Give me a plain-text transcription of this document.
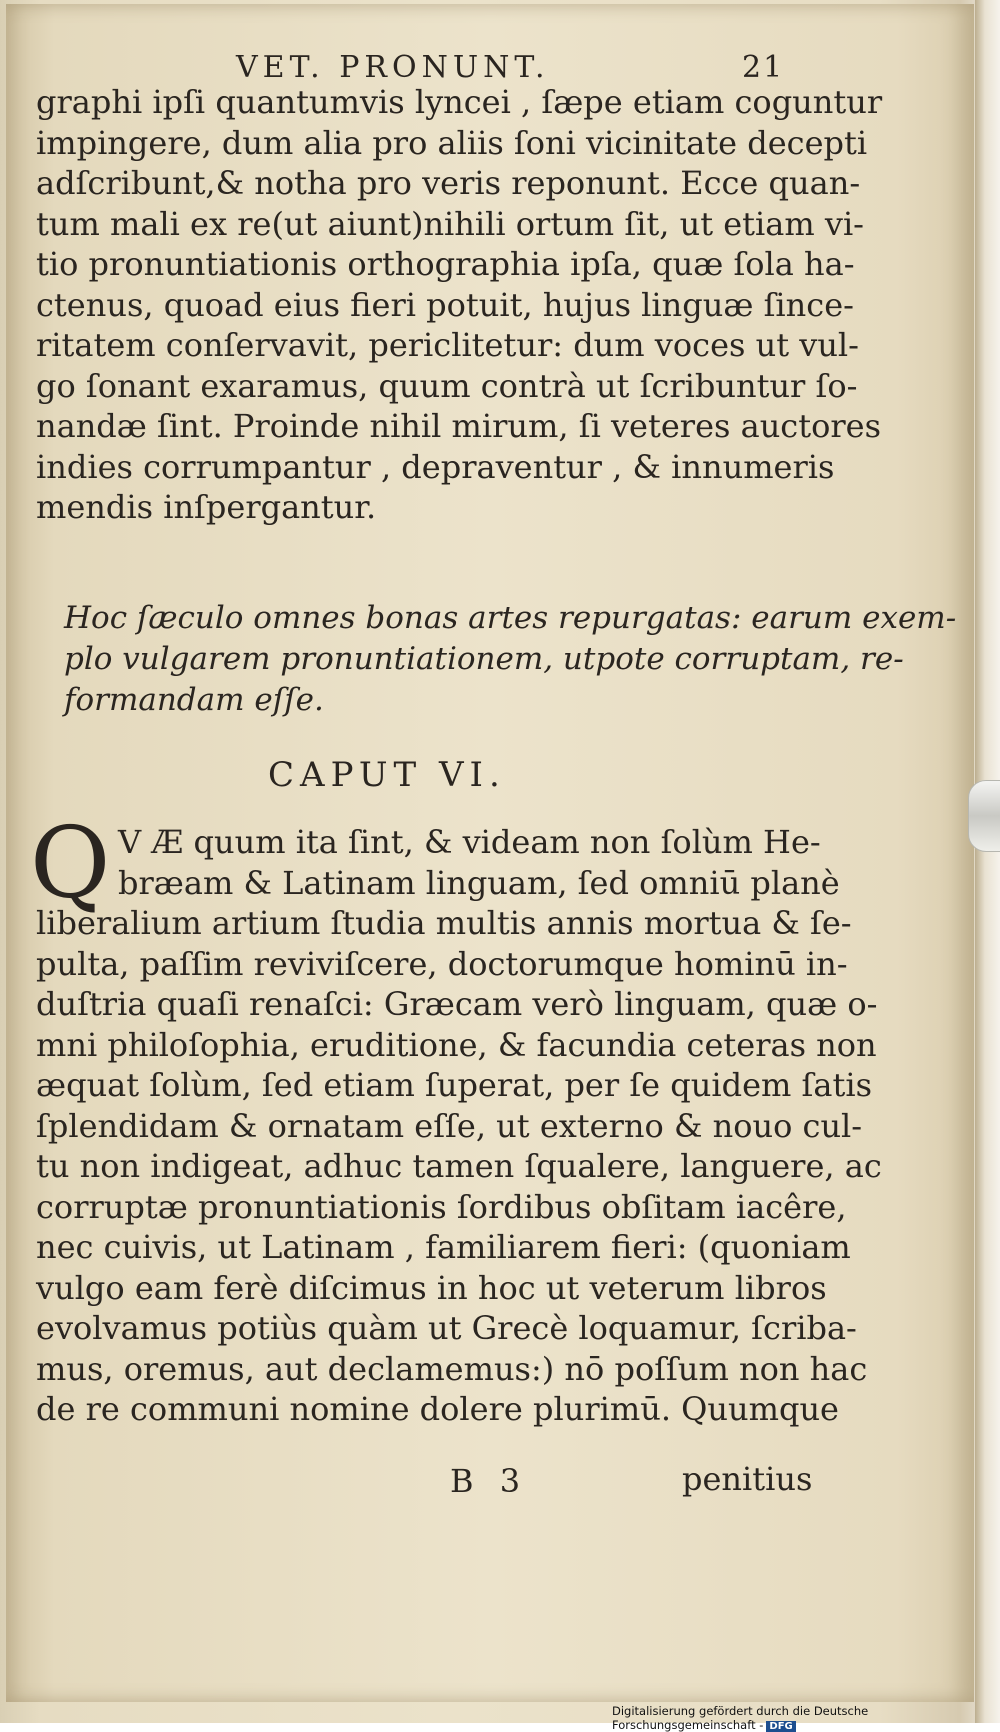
VET. PRONUNT.	21
graphi ipſi quantumvis lyncei , ſæpe etiam coguntur
impingere, dum alia pro aliis ſoni vicinitate decepti
adſcribunt,& notha pro veris reponunt. Ecce quan-
tum mali ex re(ut aiunt)nihili ortum ſit, ut etiam vi-
tio pronuntiationis orthographia ipſa, quæ ſola ha-
ctenus, quoad eius fieri potuit, hujus linguæ ſince-
ritatem conſervavit, periclitetur: dum voces ut vul-
go ſonant exaramus, quum contrà ut ſcribuntur ſo-
nandæ ſint. Proinde nihil mirum, ſi veteres auctores
indies corrumpantur , depraventur , & innumeris
mendis inſpergantur.
Hoc ſæculo omnes bonas artes repurgatas: earum exem-
plo vulgarem pronuntiationem, utpote corruptam, re-
formandam eſſe.
CAPUT VI.
Q V Æ quum ita ſint, & videam non ſolùm He-
bræam & Latinam linguam, ſed omniū planè
liberalium artium ſtudia multis annis mortua & ſe-
pulta, paſſim reviviſcere, doctorumque hominū in-
duſtria quaſi renaſci: Græcam verò linguam, quæ o-
mni philoſophia, eruditione, & facundia ceteras non
æquat ſolùm, ſed etiam ſuperat, per ſe quidem ſatis
ſplendidam & ornatam eſſe, ut externo & nouo cul-
tu non indigeat, adhuc tamen ſqualere, languere, ac
corruptæ pronuntiationis ſordibus obſitam iacêre,
nec cuivis, ut Latinam , familiarem fieri: (quoniam
vulgo eam ferè diſcimus in hoc ut veterum libros
evolvamus potiùs quàm ut Grecè loquamur, ſcriba-
mus, oremus, aut declamemus:) nō poſſum non hac
de re communi nomine dolere plurimū. Quumque
B 3	penitius
Digitalisierung gefördert durch die Deutsche Forschungsgemeinschaft - DFG
